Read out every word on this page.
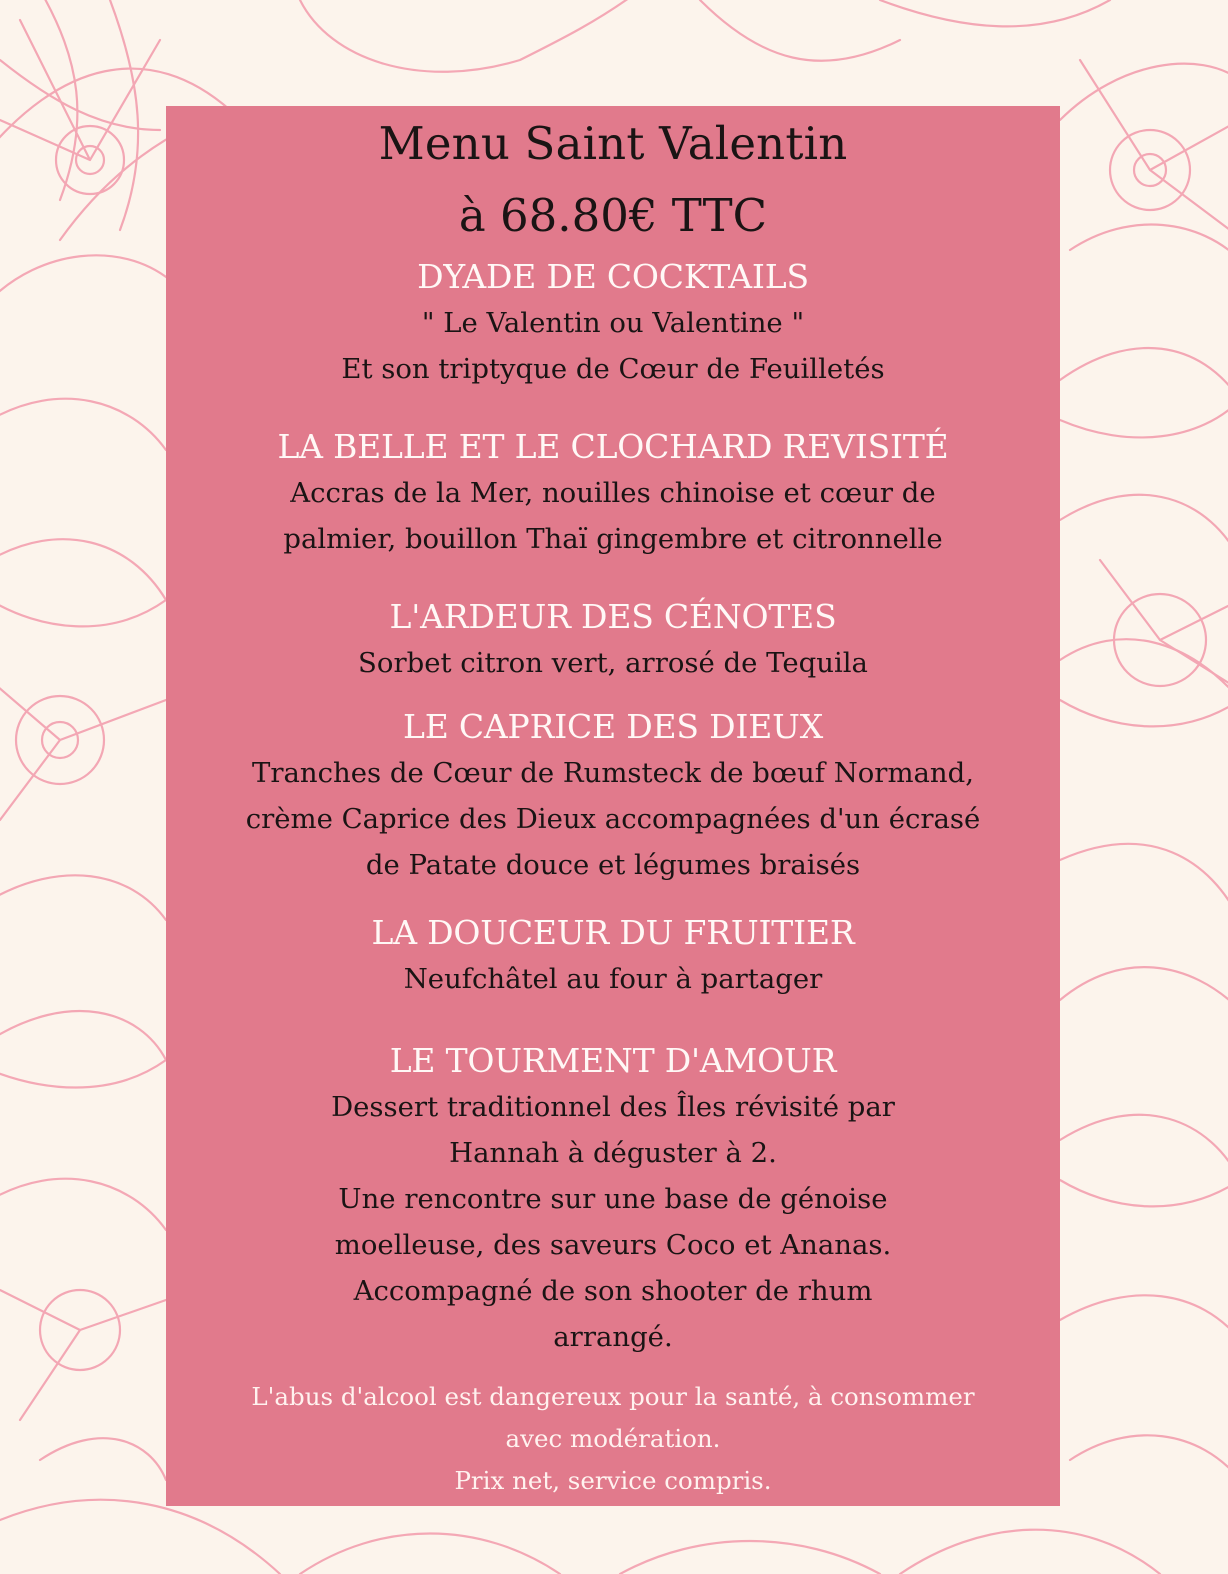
Menu Saint Valentin

à 68.80€ TTC

DYADE DE COCKTAILS

" Le Valentin ou Valentine "

Et son triptyque de Cœur de Feuilletés

LA BELLE ET LE CLOCHARD REVISITÉ

Accras de la Mer, nouilles chinoise et cœur de

palmier, bouillon Thaï gingembre et citronnelle

L'ARDEUR DES CÉNOTES

Sorbet citron vert, arrosé de Tequila

LE CAPRICE DES DIEUX

Tranches de Cœur de Rumsteck de bœuf Normand,

crème Caprice des Dieux accompagnées d'un écrasé

de Patate douce et légumes braisés

LA DOUCEUR DU FRUITIER

Neufchâtel au four à partager

LE TOURMENT D'AMOUR

Dessert traditionnel des Îles révisité par

Hannah à déguster à 2.

Une rencontre sur une base de génoise

moelleuse, des saveurs Coco et Ananas.

Accompagné de son shooter de rhum

arrangé.

L'abus d'alcool est dangereux pour la santé, à consommer

avec modération.

Prix net, service compris.
